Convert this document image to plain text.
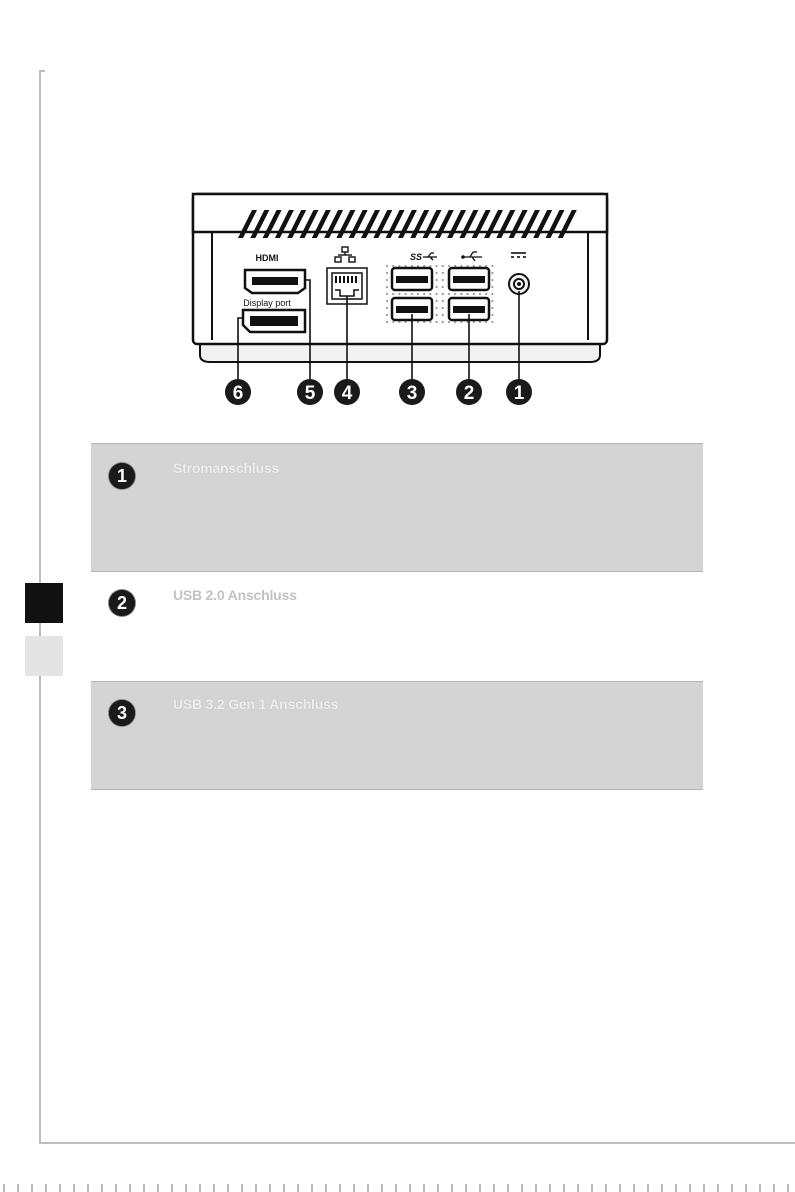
HDMI
Display port
SS
6	5 4	3 2 1
1	Stromanschluss
2	USB 2.0 Anschluss
3	USB 3.2 Gen 1 Anschluss
